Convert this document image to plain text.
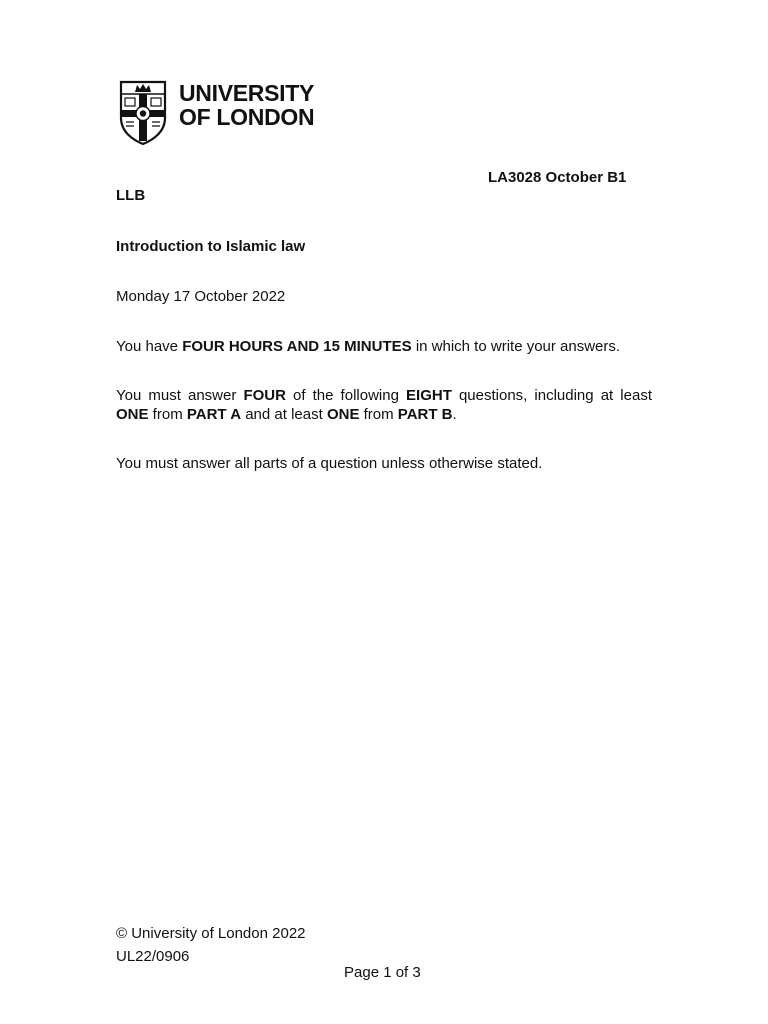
UNIVERSITY
OF LONDON
LA3028 October B1
LLB
Introduction to Islamic law
Monday 17 October 2022
You have FOUR HOURS AND 15 MINUTES in which to write your answers.
You must answer FOUR of the following EIGHT questions, including at least ONE from PART A and at least ONE from PART B.
You must answer all parts of a question unless otherwise stated.
© University of London 2022
UL22/0906
Page 1 of 3
